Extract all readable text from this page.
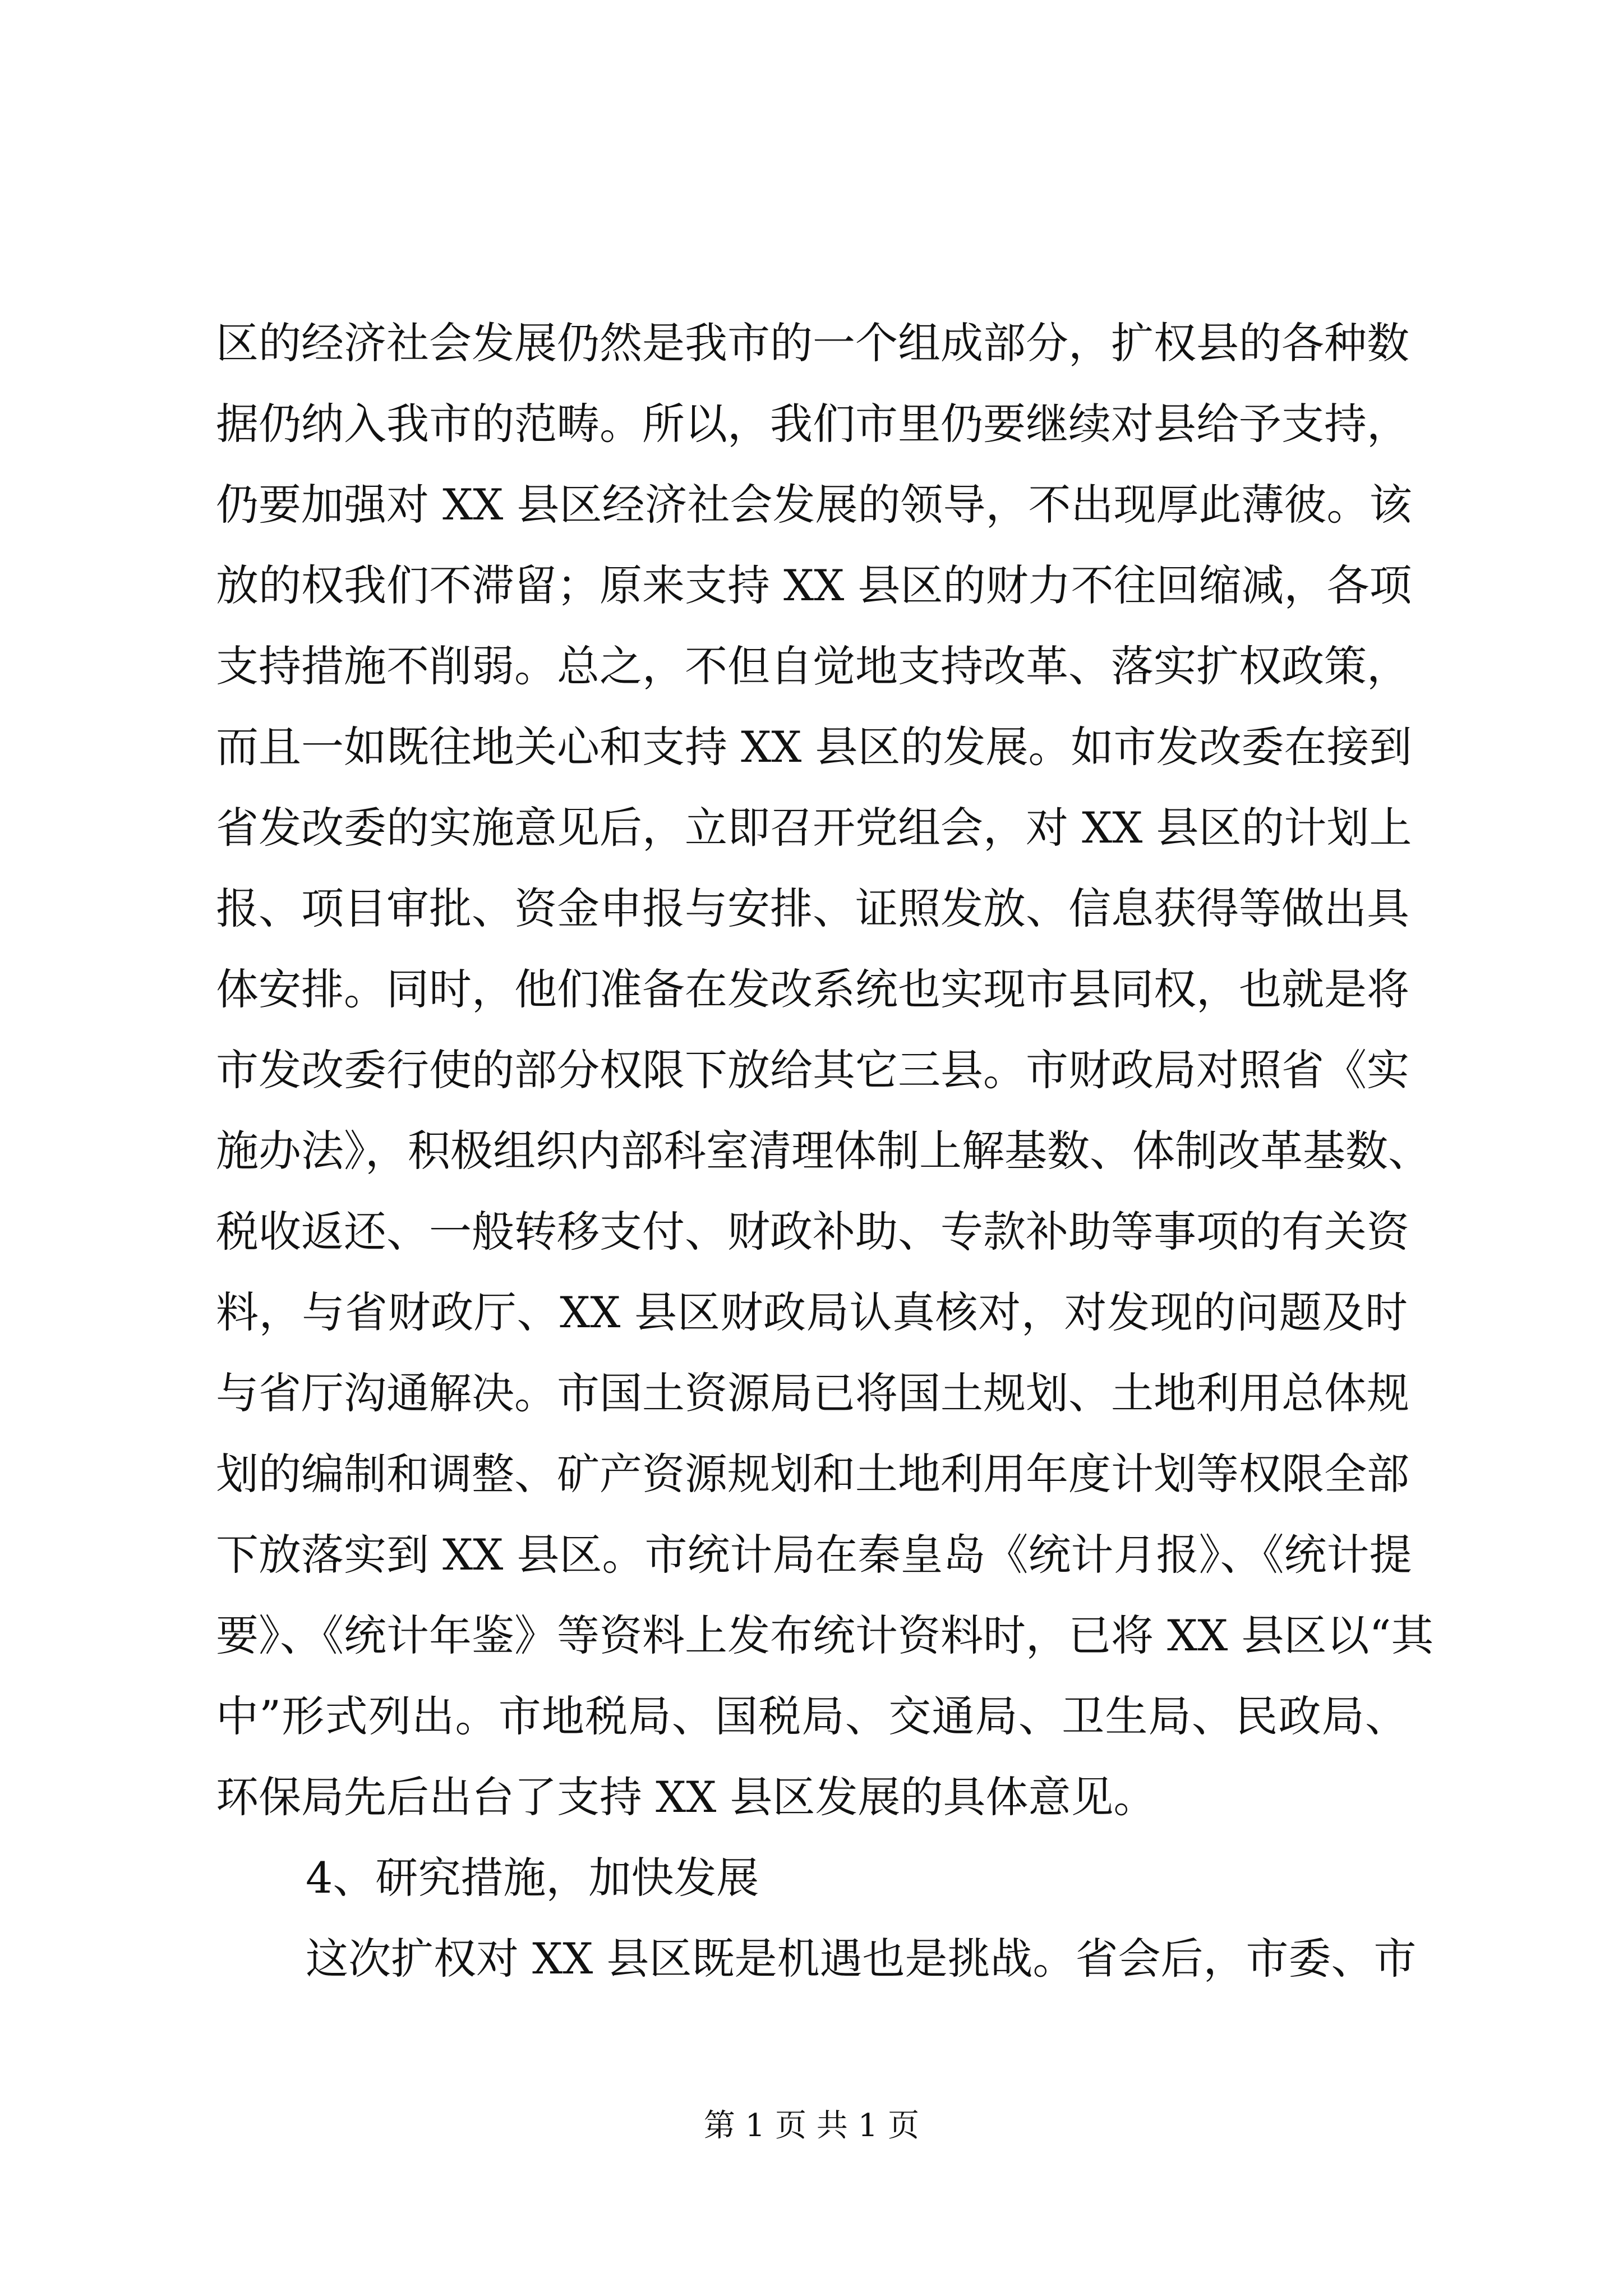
区的经济社会发展仍然是我市的一个组成部分，扩权县的各种数
据仍纳入我市的范畴。所以，我们市里仍要继续对县给予支持，
仍要加强对 XX 县区经济社会发展的领导，不出现厚此薄彼。该
放的权我们不滞留；原来支持 XX 县区的财力不往回缩减，各项
支持措施不削弱。总之，不但自觉地支持改革、落实扩权政策，
而且一如既往地关心和支持 XX 县区的发展。如市发改委在接到
省发改委的实施意见后，立即召开党组会，对 XX 县区的计划上
报、项目审批、资金申报与安排、证照发放、信息获得等做出具
体安排。同时，他们准备在发改系统也实现市县同权，也就是将
市发改委行使的部分权限下放给其它三县。市财政局对照省《实
施办法》，积极组织内部科室清理体制上解基数、体制改革基数、
税收返还、一般转移支付、财政补助、专款补助等事项的有关资
料，与省财政厅、XX 县区财政局认真核对，对发现的问题及时
与省厅沟通解决。市国土资源局已将国土规划、土地利用总体规
划的编制和调整、矿产资源规划和土地利用年度计划等权限全部
下放落实到 XX 县区。市统计局在秦皇岛《统计月报》、《统计提
要》、《统计年鉴》等资料上发布统计资料时，已将 XX 县区以“其
中”形式列出。市地税局、国税局、交通局、卫生局、民政局、
环保局先后出台了支持 XX 县区发展的具体意见。
4、研究措施，加快发展
这次扩权对 XX 县区既是机遇也是挑战。省会后，市委、市
第 1 页 共 1 页
